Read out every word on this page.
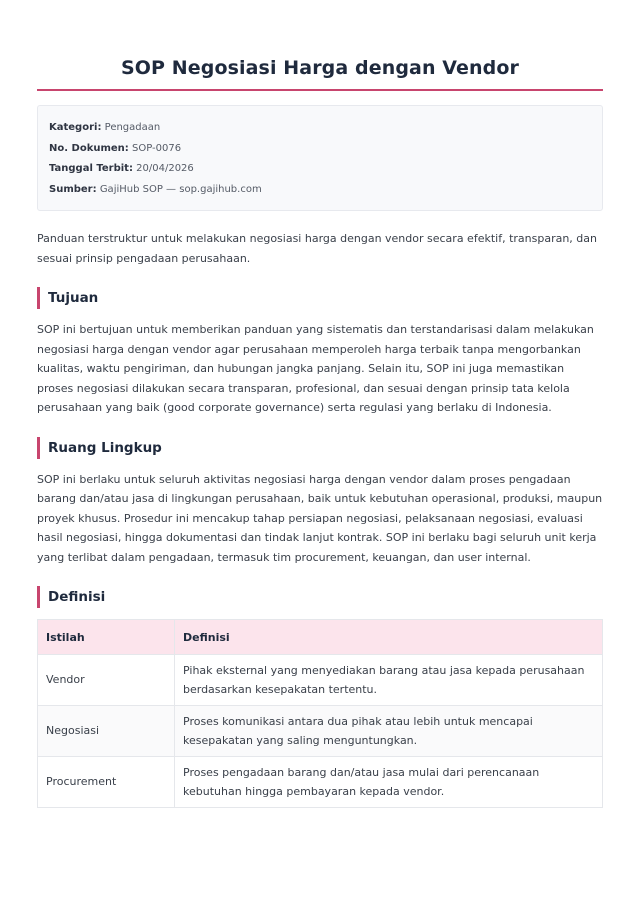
SOP Negosiasi Harga dengan Vendor
Kategori: Pengadaan
No. Dokumen: SOP-0076
Tanggal Terbit: 20/04/2026
Sumber: GajiHub SOP — sop.gajihub.com

Panduan terstruktur untuk melakukan negosiasi harga dengan vendor secara efektif, transparan, dan sesuai prinsip pengadaan perusahaan.

Tujuan

SOP ini bertujuan untuk memberikan panduan yang sistematis dan terstandarisasi dalam melakukan negosiasi harga dengan vendor agar perusahaan memperoleh harga terbaik tanpa mengorbankan kualitas, waktu pengiriman, dan hubungan jangka panjang. Selain itu, SOP ini juga memastikan proses negosiasi dilakukan secara transparan, profesional, dan sesuai dengan prinsip tata kelola perusahaan yang baik (good corporate governance) serta regulasi yang berlaku di Indonesia.

Ruang Lingkup

SOP ini berlaku untuk seluruh aktivitas negosiasi harga dengan vendor dalam proses pengadaan barang dan/atau jasa di lingkungan perusahaan, baik untuk kebutuhan operasional, produksi, maupun proyek khusus. Prosedur ini mencakup tahap persiapan negosiasi, pelaksanaan negosiasi, evaluasi hasil negosiasi, hingga dokumentasi dan tindak lanjut kontrak. SOP ini berlaku bagi seluruh unit kerja yang terlibat dalam pengadaan, termasuk tim procurement, keuangan, dan user internal.

Definisi
Istilah	Definisi
Vendor	Pihak eksternal yang menyediakan barang atau jasa kepada perusahaan berdasarkan kesepakatan tertentu.
Negosiasi	Proses komunikasi antara dua pihak atau lebih untuk mencapai kesepakatan yang saling menguntungkan.
Procurement	Proses pengadaan barang dan/atau jasa mulai dari perencanaan kebutuhan hingga pembayaran kepada vendor.
